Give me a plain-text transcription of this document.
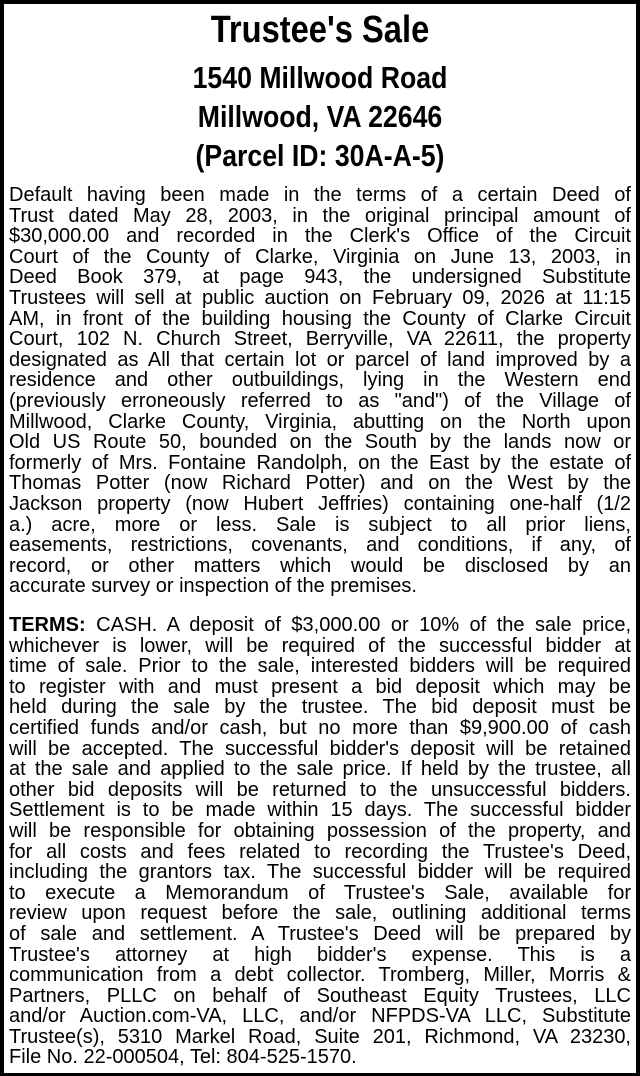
Trustee's Sale
1540 Millwood Road
Millwood, VA 22646
(Parcel ID: 30A-A-5)
Default having been made in the terms of a certain Deed of
Trust dated May 28, 2003, in the original principal amount of
$30,000.00 and recorded in the Clerk's Office of the Circuit
Court of the County of Clarke, Virginia on June 13, 2003, in
Deed Book 379, at page 943, the undersigned Substitute
Trustees will sell at public auction on February 09, 2026 at 11:15
AM, in front of the building housing the County of Clarke Circuit
Court, 102 N. Church Street, Berryville, VA 22611, the property
designated as All that certain lot or parcel of land improved by a
residence and other outbuildings, lying in the Western end
(previously erroneously referred to as "and") of the Village of
Millwood, Clarke County, Virginia, abutting on the North upon
Old US Route 50, bounded on the South by the lands now or
formerly of Mrs. Fontaine Randolph, on the East by the estate of
Thomas Potter (now Richard Potter) and on the West by the
Jackson property (now Hubert Jeffries) containing one-half (1/2
a.) acre, more or less. Sale is subject to all prior liens,
easements, restrictions, covenants, and conditions, if any, of
record, or other matters which would be disclosed by an
accurate survey or inspection of the premises.
TERMS: CASH. A deposit of $3,000.00 or 10% of the sale price,
whichever is lower, will be required of the successful bidder at
time of sale. Prior to the sale, interested bidders will be required
to register with and must present a bid deposit which may be
held during the sale by the trustee. The bid deposit must be
certified funds and/or cash, but no more than $9,900.00 of cash
will be accepted. The successful bidder's deposit will be retained
at the sale and applied to the sale price. If held by the trustee, all
other bid deposits will be returned to the unsuccessful bidders.
Settlement is to be made within 15 days. The successful bidder
will be responsible for obtaining possession of the property, and
for all costs and fees related to recording the Trustee's Deed,
including the grantors tax. The successful bidder will be required
to execute a Memorandum of Trustee's Sale, available for
review upon request before the sale, outlining additional terms
of sale and settlement. A Trustee's Deed will be prepared by
Trustee's attorney at high bidder's expense. This is a
communication from a debt collector. Tromberg, Miller, Morris &
Partners, PLLC on behalf of Southeast Equity Trustees, LLC
and/or Auction.com-VA, LLC, and/or NFPDS-VA LLC, Substitute
Trustee(s), 5310 Markel Road, Suite 201, Richmond, VA 23230,
File No. 22-000504, Tel: 804-525-1570.
